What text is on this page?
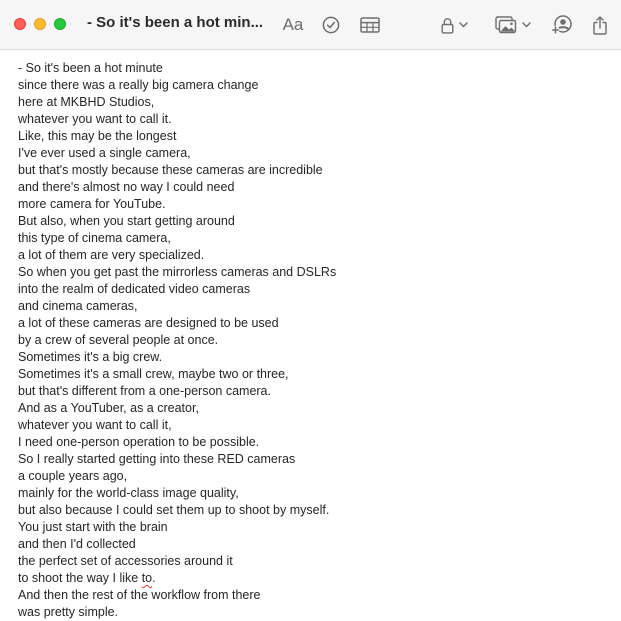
- So it's been a hot min... Aa
- So it's been a hot minute
since there was a really big camera change
here at MKBHD Studios,
whatever you want to call it.
Like, this may be the longest
I've ever used a single camera,
but that's mostly because these cameras are incredible
and there's almost no way I could need
more camera for YouTube.
But also, when you start getting around
this type of cinema camera,
a lot of them are very specialized.
So when you get past the mirrorless cameras and DSLRs
into the realm of dedicated video cameras
and cinema cameras,
a lot of these cameras are designed to be used
by a crew of several people at once.
Sometimes it's a big crew.
Sometimes it's a small crew, maybe two or three,
but that's different from a one-person camera.
And as a YouTuber, as a creator,
whatever you want to call it,
I need one-person operation to be possible.
So I really started getting into these RED cameras
a couple years ago,
mainly for the world-class image quality,
but also because I could set them up to shoot by myself.
You just start with the brain
and then I'd collected
the perfect set of accessories around it
to shoot the way I like to.
And then the rest of the workflow from there
was pretty simple.
